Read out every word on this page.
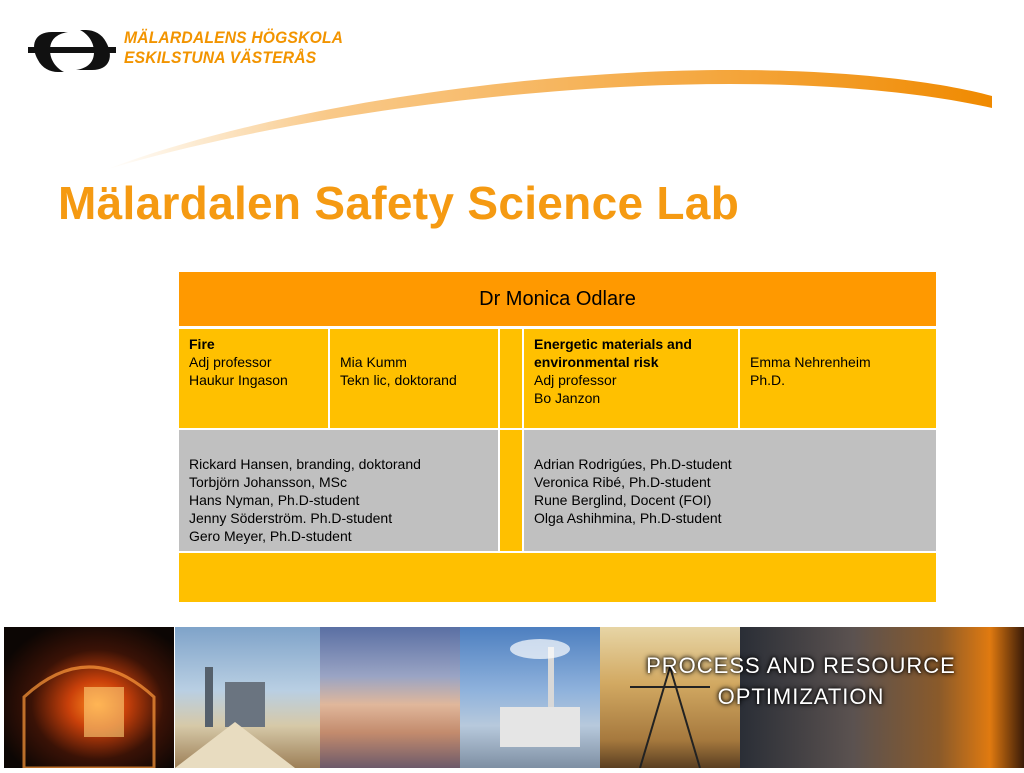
MÄLARDALENS HÖGSKOLA
ESKILSTUNA VÄSTERÅS
Mälardalen Safety Science Lab
Dr Monica Odlare
Fire
Adj professor
Haukur Ingason
Mia Kumm
Tekn lic, doktorand
Energetic materials and
environmental risk
Adj professor
Bo Janzon
Emma Nehrenheim
Ph.D.
Rickard Hansen, branding, doktorand
Torbjörn Johansson, MSc
Hans Nyman, Ph.D-student
Jenny Söderström. Ph.D-student
Gero Meyer, Ph.D-student
Adrian Rodrigúes, Ph.D-student
Veronica Ribé, Ph.D-student
Rune Berglind, Docent (FOI)
Olga Ashihmina, Ph.D-student
PROCESS AND RESOURCE
OPTIMIZATION
